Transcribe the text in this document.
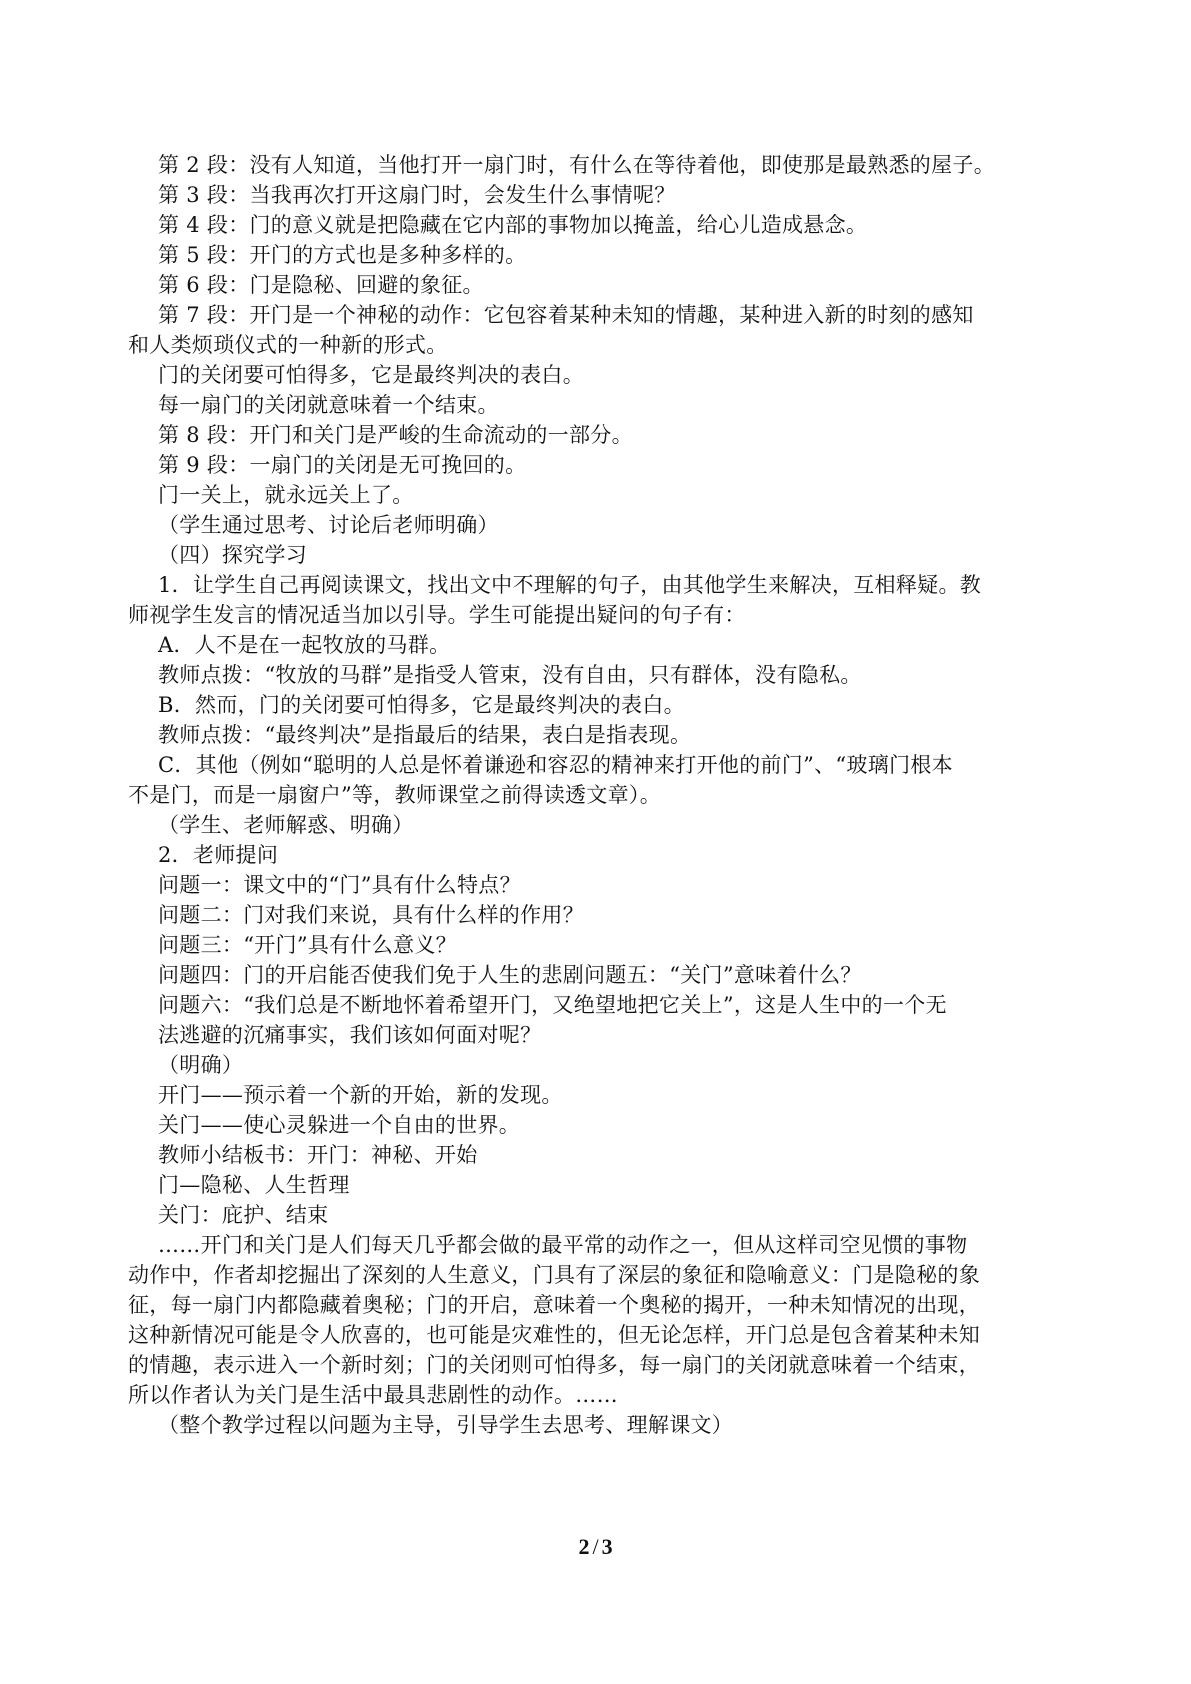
第 2 段：没有人知道，当他打开一扇门时，有什么在等待着他，即使那是最熟悉的屋子。
第 3 段：当我再次打开这扇门时，会发生什么事情呢？
第 4 段：门的意义就是把隐藏在它内部的事物加以掩盖，给心儿造成悬念。
第 5 段：开门的方式也是多种多样的。
第 6 段：门是隐秘、回避的象征。
第 7 段：开门是一个神秘的动作：它包容着某种未知的情趣，某种进入新的时刻的感知
和人类烦琐仪式的一种新的形式。
门的关闭要可怕得多，它是最终判决的表白。
每一扇门的关闭就意味着一个结束。
第 8 段：开门和关门是严峻的生命流动的一部分。
第 9 段：一扇门的关闭是无可挽回的。
门一关上，就永远关上了。
（学生通过思考、讨论后老师明确）
（四）探究学习
1．让学生自己再阅读课文，找出文中不理解的句子，由其他学生来解决，互相释疑。教
师视学生发言的情况适当加以引导。学生可能提出疑问的句子有：
A．人不是在一起牧放的马群。
教师点拨：“牧放的马群”是指受人管束，没有自由，只有群体，没有隐私。
B．然而，门的关闭要可怕得多，它是最终判决的表白。
教师点拨：“最终判决”是指最后的结果，表白是指表现。
C．其他（例如“聪明的人总是怀着谦逊和容忍的精神来打开他的前门”、“玻璃门根本
不是门，而是一扇窗户”等，教师课堂之前得读透文章）。
（学生、老师解惑、明确）
2．老师提问
问题一：课文中的“门”具有什么特点？
问题二：门对我们来说，具有什么样的作用？
问题三：“开门”具有什么意义？
问题四：门的开启能否使我们免于人生的悲剧问题五：“关门”意味着什么？
问题六：“我们总是不断地怀着希望开门，又绝望地把它关上”，这是人生中的一个无
法逃避的沉痛事实，我们该如何面对呢？
（明确）
开门——预示着一个新的开始，新的发现。
关门——使心灵躲进一个自由的世界。
教师小结板书：开门：神秘、开始
门—隐秘、人生哲理
关门：庇护、结束
……开门和关门是人们每天几乎都会做的最平常的动作之一，但从这样司空见惯的事物
动作中，作者却挖掘出了深刻的人生意义，门具有了深层的象征和隐喻意义：门是隐秘的象
征，每一扇门内都隐藏着奥秘；门的开启，意味着一个奥秘的揭开，一种未知情况的出现，
这种新情况可能是令人欣喜的，也可能是灾难性的，但无论怎样，开门总是包含着某种未知
的情趣，表示进入一个新时刻；门的关闭则可怕得多，每一扇门的关闭就意味着一个结束，
所以作者认为关门是生活中最具悲剧性的动作。……
（整个教学过程以问题为主导，引导学生去思考、理解课文）
2 / 3
